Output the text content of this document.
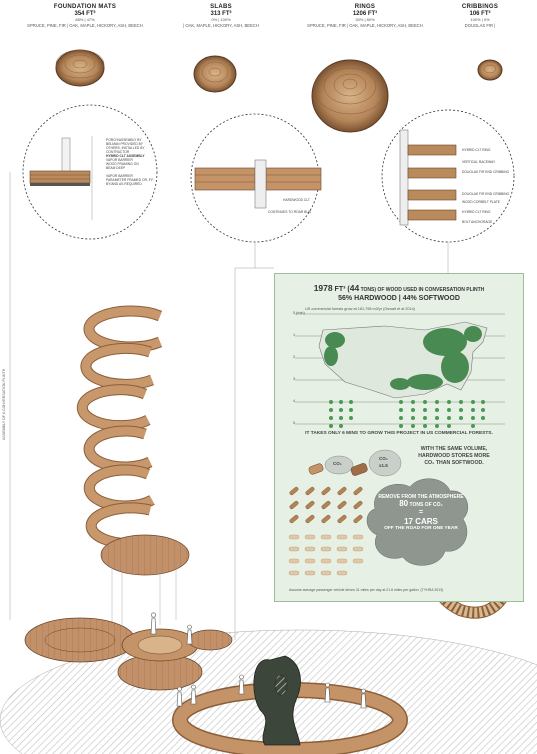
FOUNDATION MATS
354 FT³
85% | 47%
SPRUCE, PINE, FIR | OAK, MAPLE, HICKORY, ASH, BEECH
SLABS
313 FT³
0% | 100%
| OAK, MAPLE, HICKORY, ASH, BEECH
RINGS
1206 FT³
30% | 80%
SPRUCE, PINE, FIR | OAK, MAPLE, HICKORY, ASH, BEECH
CRIBBINGS
106 FT³
100% | 0%
DOUGLAS FIR |
PORCH/ASSEMBLY BY
BELMAN PROVIDED BY
OTHERS, INSTALLED BY
CONTRACTOR
HYBRID CLT ASSEMBLY
VAPOR BARRIER
WOOD FRAMING ON
BEAM DEEP
VAPOR BARRIER
PARAMETER FRAMED OR, F.F.
BY/AND AS REQUIRED
HARDWOOD CLT
CONTINUES TO ROAR BUS
HYBRID CLT RING
VERTICAL RACEWAY
DOUGLAS FIR END CRIBBING
DOUGLAS FIR END CRIBBING
WOOD CORBELT PLATE
HYBRID CLT RING
BOLT ANCHORAGE
ASSEMBLY OF A CONVERSATION PLINTH
1978 FT³ (44 TONS) OF WOOD USED IN CONVERSATION PLINTH
56% HARDWOOD | 44% SOFTWOOD
US commercial forests grow at 181,798 m3/yr (Oswalt et al 2014)
0 (min)
1
2
3
4
5
IT TAKES ONLY 6 MINS TO GROW THIS PROJECT IN US COMMERCIAL FORESTS.
CO₂
CO₂
x1.5
WITH THE SAME VOLUME, HARDWOOD STORES MORE CO₂ THAN SOFTWOOD.
REMOVE FROM THE ATMOSPHERE
80 TONS OF CO₂
=
17 CARS
OFF THE ROAD FOR ONE YEAR
Assume average passenger vehicle drives 31 miles per day at 21.6 miles per gallon. (TYHRA 2013)
